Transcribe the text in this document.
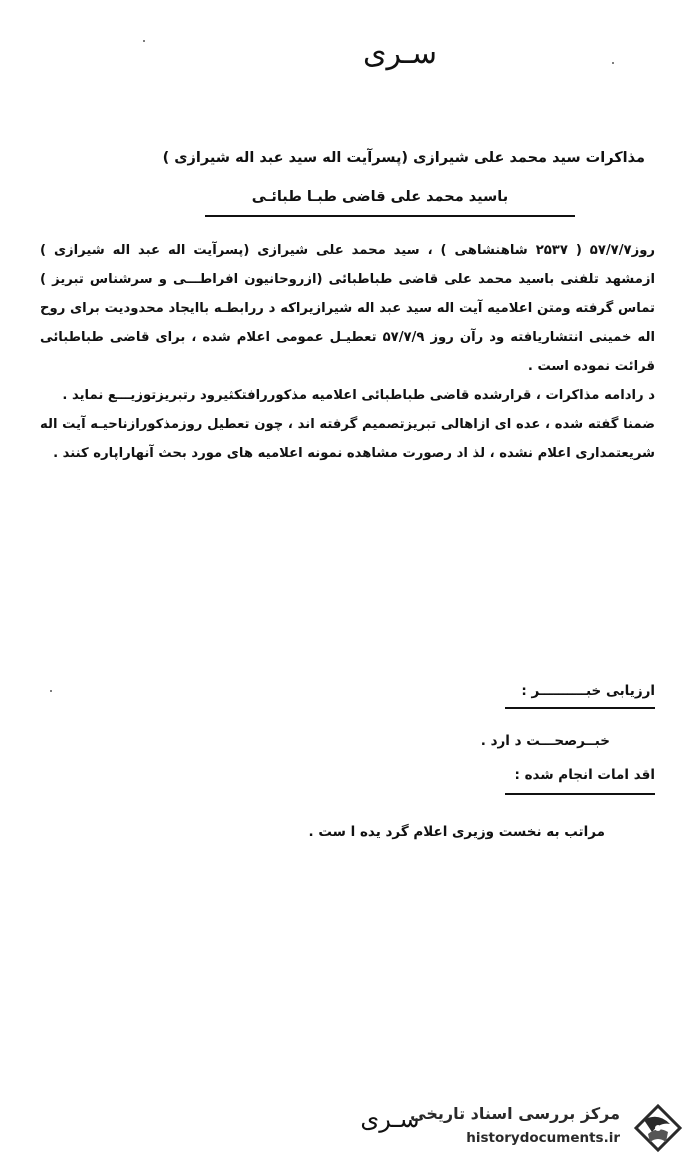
سـری
مذاکرات سید محمد علی شیرازی (پسرآیت اله سید عبد اله شیرازی )
باسید محمد علی قاضی طبـا طبائـی

روز۵۷/۷/۷ ( ۲۵۳۷ شاهنشاهی ) ، سید محمد علی شیرازی (پسرآیت اله عبد اله شیرازی ) ازمشهد تلفنی باسید محمد علی قاضی طباطبائی (ازروحانیون افراطـــی و سرشناس تبریز ) تماس گرفته ومتن اعلامیه آیت اله سید عبد اله شیرازیراکه د ررابطـه باایجاد محدودیت برای روح اله خمینی انتشاریافته ود رآن روز ۵۷/۷/۹ تعطیـل عمومی اعلام شده ، برای قاضی طباطبائی قرائت نموده است .

د رادامه مذاکرات ، قرارشده قاضی طباطبائی اعلامیه مذکوررافتکثیرود رتبریزتوزیـــع نماید .

ضمنا گفته شده ، عده ای ازاهالی تبریزتصمیم گرفته اند ، چون تعطیل روزمذکورازناحیـه آیت اله شریعتمداری اعلام نشده ، لذ اد رصورت مشاهده نمونه اعلامیه های مورد بحث آنهاراپاره کنند .

ارزیابی خبــــــــــر :
خبــرصحـــت د ارد .
اقد امات انجام شده :
مراتب به نخست وزیری اعلام گرد یده ا ست .
سـری
مرکز بررسی اسناد تاریخی
historydocuments.ir
